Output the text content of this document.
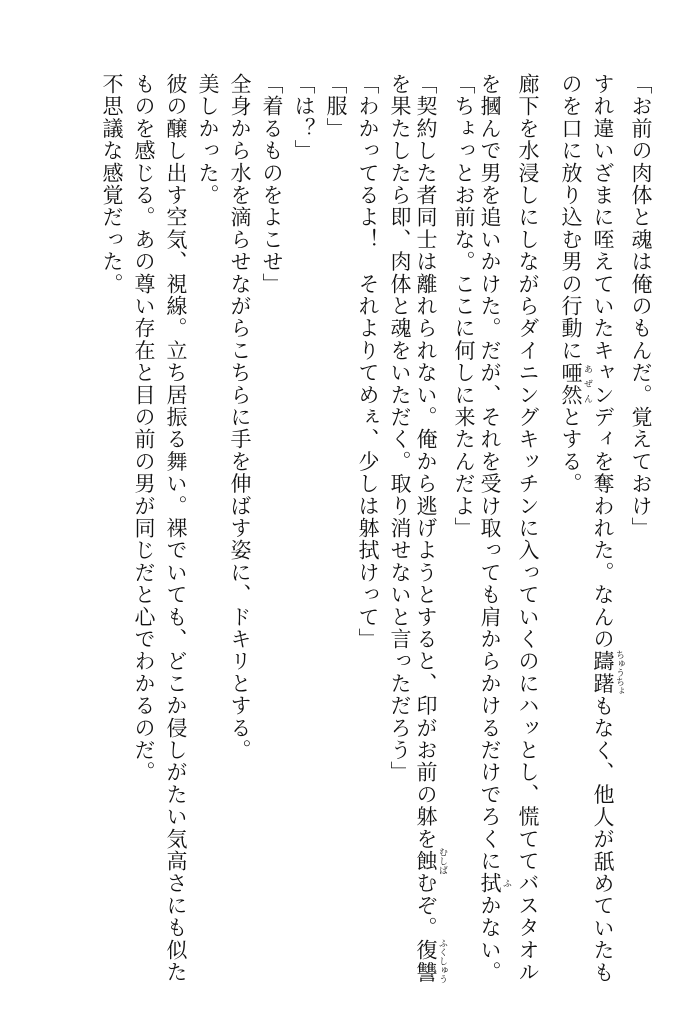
「お前の肉体と魂は俺のもんだ。覚えておけ」
すれ違いざまに咥えていたキャンディを奪われた。なんの躊躇 ちゅうちょもなく、他人が舐めていたも
のを口に放り込む男の行動に唖然 あぜんとする。
廊下を水浸しにしながらダイニングキッチンに入っていくのにハッとし、慌ててバスタオル
を摑んで男を追いかけた。だが、それを受け取っても肩からかけるだけでろくに拭 ふかない。
「ちょっとお前な。ここに何しに来たんだよ」
「契約した者同士は離れられない。俺から逃げようとすると、印がお前の躰を蝕 むしばむぞ。復讐 ふくしゅう
を果たしたら即、肉体と魂をいただく。取り消せないと言っただろう」
「わかってるよ！　それよりてめぇ、少しは躰拭けって」
「服」
「は？」
「着るものをよこせ」
全身から水を滴らせながらこちらに手を伸ばす姿に、ドキリとする。
美しかった。
彼の醸し出す空気、視線。立ち居振る舞い。裸でいても、どこか侵しがたい気高さにも似た
ものを感じる。あの尊い存在と目の前の男が同じだと心でわかるのだ。
不思議な感覚だった。
